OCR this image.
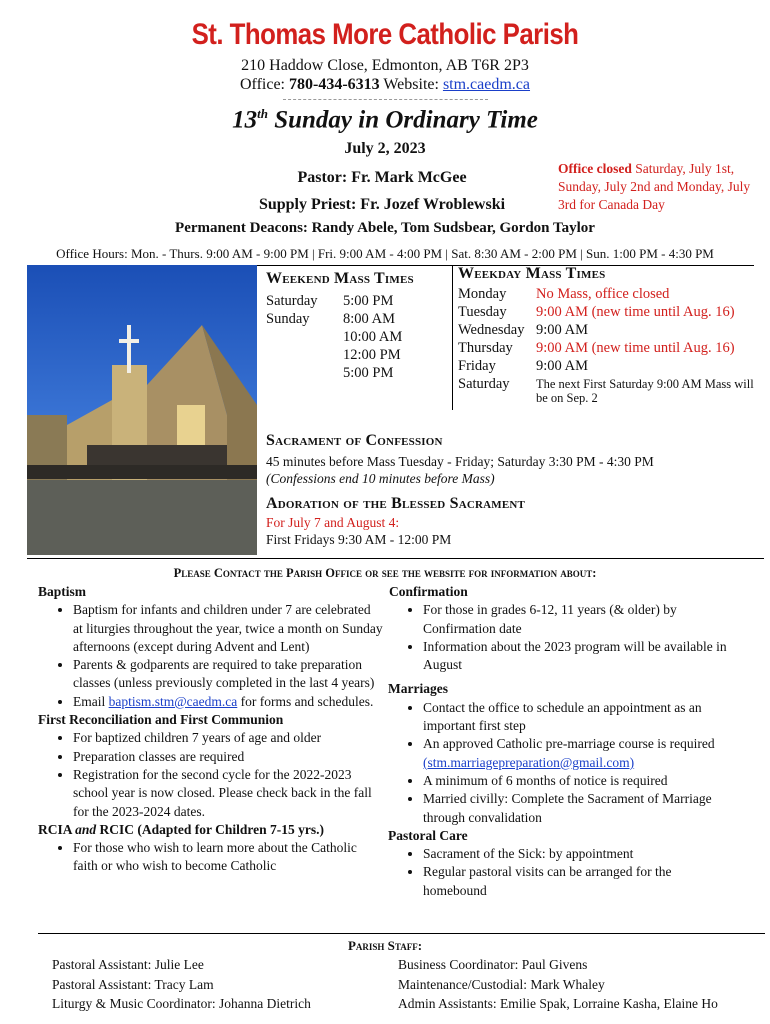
St. Thomas More Catholic Parish
210 Haddow Close, Edmonton, AB T6R 2P3
Office: 780-434-6313 Website: stm.caedm.ca
13th Sunday in Ordinary Time
July 2, 2023
Pastor: Fr. Mark McGee
Supply Priest: Fr. Jozef Wroblewski
Office closed Saturday, July 1st, Sunday, July 2nd and Monday, July 3rd for Canada Day
Permanent Deacons: Randy Abele, Tom Sudsbear, Gordon Taylor
Office Hours: Mon. - Thurs. 9:00 AM - 9:00 PM | Fri. 9:00 AM - 4:00 PM | Sat. 8:30 AM - 2:00 PM | Sun. 1:00 PM - 4:30 PM
Weekend Mass Times
Saturday	5:00 PM
Sunday	8:00 AM
	10:00 AM
	12:00 PM
	5:00 PM
Weekday Mass Times
Monday	No Mass, office closed
Tuesday	9:00 AM (new time until Aug. 16)
Wednesday	9:00 AM
Thursday	9:00 AM (new time until Aug. 16)
Friday	9:00 AM
Saturday	The next First Saturday 9:00 AM Mass will be on Sep. 2
Sacrament of Confession
45 minutes before Mass Tuesday - Friday; Saturday 3:30 PM - 4:30 PM
(Confessions end 10 minutes before Mass)
Adoration of the Blessed Sacrament
For July 7 and August 4:
First Fridays 9:30 AM - 12:00 PM
Please Contact the Parish Office or see the website for information about:
Baptism
• Baptism for infants and children under 7 are celebrated at liturgies throughout the year, twice a month on Sunday afternoons (except during Advent and Lent)
• Parents & godparents are required to take preparation classes (unless previously completed in the last 4 years)
• Email baptism.stm@caedm.ca for forms and schedules.
First Reconciliation and First Communion
• For baptized children 7 years of age and older
• Preparation classes are required
• Registration for the second cycle for the 2022-2023 school year is now closed. Please check back in the fall for the 2023-2024 dates.
RCIA and RCIC (Adapted for Children 7-15 yrs.)
• For those who wish to learn more about the Catholic faith or who wish to become Catholic
Confirmation
• For those in grades 6-12, 11 years (& older) by Confirmation date
• Information about the 2023 program will be available in August
Marriages
• Contact the office to schedule an appointment as an important first step
• An approved Catholic pre-marriage course is required
(stm.marriagepreparation@gmail.com)
• A minimum of 6 months of notice is required
• Married civilly: Complete the Sacrament of Marriage through convalidation
Pastoral Care
• Sacrament of the Sick: by appointment
• Regular pastoral visits can be arranged for the homebound
Parish Staff:
Pastoral Assistant: Julie Lee
Pastoral Assistant: Tracy Lam
Liturgy & Music Coordinator: Johanna Dietrich
Business Coordinator: Paul Givens
Maintenance/Custodial: Mark Whaley
Admin Assistants: Emilie Spak, Lorraine Kasha, Elaine Ho
